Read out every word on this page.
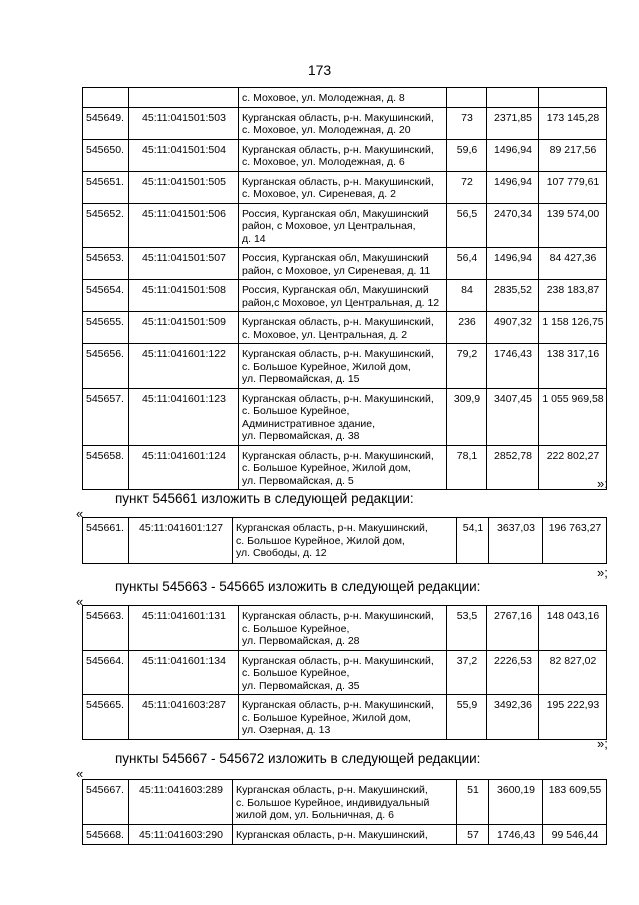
173

		с. Моховое, ул. Молодежная, д. 8			

545649.	45:11:041501:503	Курганская область, р-н. Макушинский,
с. Моховое, ул. Молодежная, д. 20	73	2371,85	173 145,28
545650.	45:11:041501:504	Курганская область, р-н. Макушинский,
с. Моховое, ул. Молодежная, д. 6	59,6	1496,94	89 217,56
545651.	45:11:041501:505	Курганская область, р-н. Макушинский,
с. Моховое, ул. Сиреневая, д. 2	72	1496,94	107 779,61
545652.	45:11:041501:506	Россия, Курганская обл, Макушинский
район, с Моховое, ул Центральная,
д. 14	56,5	2470,34	139 574,00
545653.	45:11:041501:507	Россия, Курганская обл, Макушинский
район, с Моховое, ул Сиреневая, д. 11	56,4	1496,94	84 427,36
545654.	45:11:041501:508	Россия, Курганская обл, Макушинский
район,с Моховое, ул Центральная, д. 12	84	2835,52	238 183,87
545655.	45:11:041501:509	Курганская область, р-н. Макушинский,
с. Моховое, ул. Центральная, д. 2	236	4907,32	1 158 126,75
545656.	45:11:041601:122	Курганская область, р-н. Макушинский,
с. Большое Курейное, Жилой дом,
ул. Первомайская, д. 15	79,2	1746,43	138 317,16
545657.	45:11:041601:123	Курганская область, р-н. Макушинский,
с. Большое Курейное,
Административное здание,
ул. Первомайская, д. 38	309,9	3407,45	1 055 969,58
545658.	45:11:041601:124	Курганская область, р-н. Макушинский,
с. Большое Курейное, Жилой дом,
ул. Первомайская, д. 5	78,1	2852,78	222 802,27
»;
пункт 545661 изложить в следующей редакции:
«
545661.	45:11:041601:127	Курганская область, р-н. Макушинский,
с. Большое Курейное, Жилой дом,
ул. Свободы, д. 12
	54,1	3637,03	196 763,27
»;
пункты 545663 - 545665 изложить в следующей редакции:
«
545663.	45:11:041601:131	Курганская область, р-н. Макушинский,
с. Большое Курейное,
ул. Первомайская, д. 28	53,5	2767,16	148 043,16
545664.	45:11:041601:134	Курганская область, р-н. Макушинский,
с. Большое Курейное,
ул. Первомайская, д. 35	37,2	2226,53	82 827,02
545665.	45:11:041603:287	Курганская область, р-н. Макушинский,
с. Большое Курейное, Жилой дом,
ул. Озерная, д. 13	55,9	3492,36	195 222,93
»;
пункты 545667 - 545672 изложить в следующей редакции:
«
545667.	45:11:041603:289	Курганская область, р-н. Макушинский,
с. Большое Курейное, индивидуальный
жилой дом, ул. Больничная, д. 6	51	3600,19	183 609,55
545668.	45:11:041603:290	Курганская область, р-н. Макушинский,	57	1746,43	99 546,44
